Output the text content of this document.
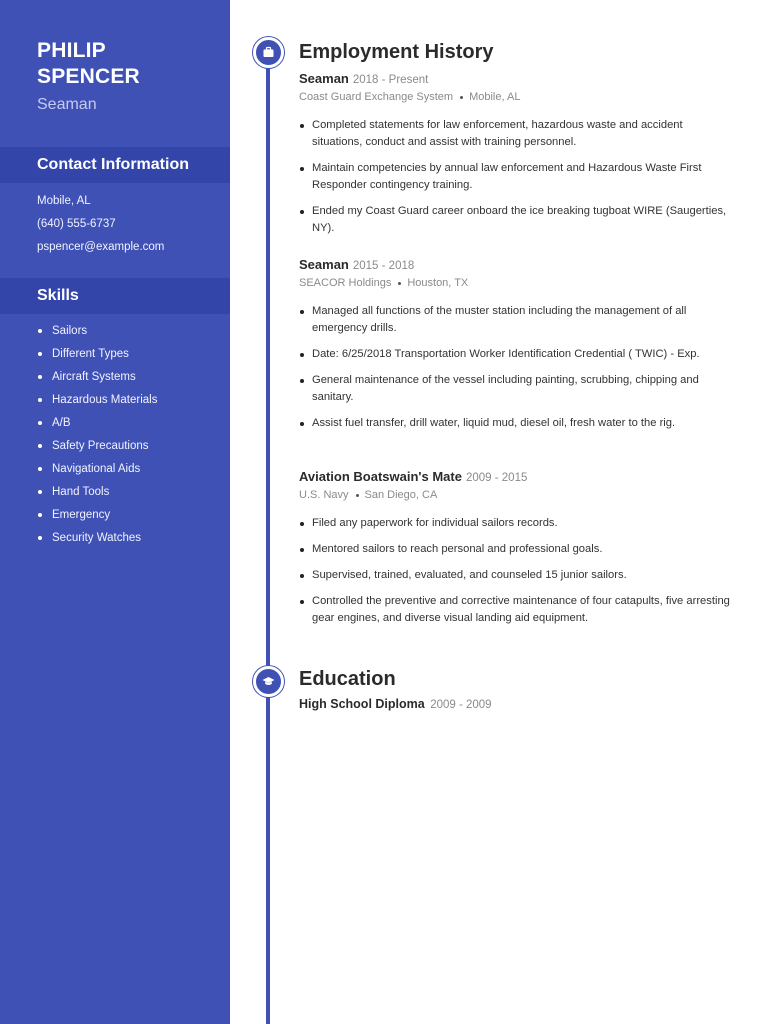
PHILIP
SPENCER
Seaman
Contact Information
Mobile, AL
(640) 555-6737
pspencer@example.com
Skills
Sailors
Different Types
Aircraft Systems
Hazardous Materials
A/B
Safety Precautions
Navigational Aids
Hand Tools
Emergency
Security Watches
Employment History
Seaman 2018 - Present
Coast Guard Exchange System Mobile, AL
Completed statements for law enforcement, hazardous waste and accident situations, conduct and assist with training personnel.
Maintain competencies by annual law enforcement and Hazardous Waste First Responder contingency training.
Ended my Coast Guard career onboard the ice breaking tugboat WIRE (Saugerties, NY).
Seaman 2015 - 2018
SEACOR Holdings Houston, TX
Managed all functions of the muster station including the management of all emergency drills.
Date: 6/25/2018 Transportation Worker Identification Credential ( TWIC) - Exp.
General maintenance of the vessel including painting, scrubbing, chipping and sanitary.
Assist fuel transfer, drill water, liquid mud, diesel oil, fresh water to the rig.
Aviation Boatswain's Mate 2009 - 2015
U.S. Navy San Diego, CA
Filed any paperwork for individual sailors records.
Mentored sailors to reach personal and professional goals.
Supervised, trained, evaluated, and counseled 15 junior sailors.
Controlled the preventive and corrective maintenance of four catapults, five arresting gear engines, and diverse visual landing aid equipment.
Education
High School Diploma 2009 - 2009
